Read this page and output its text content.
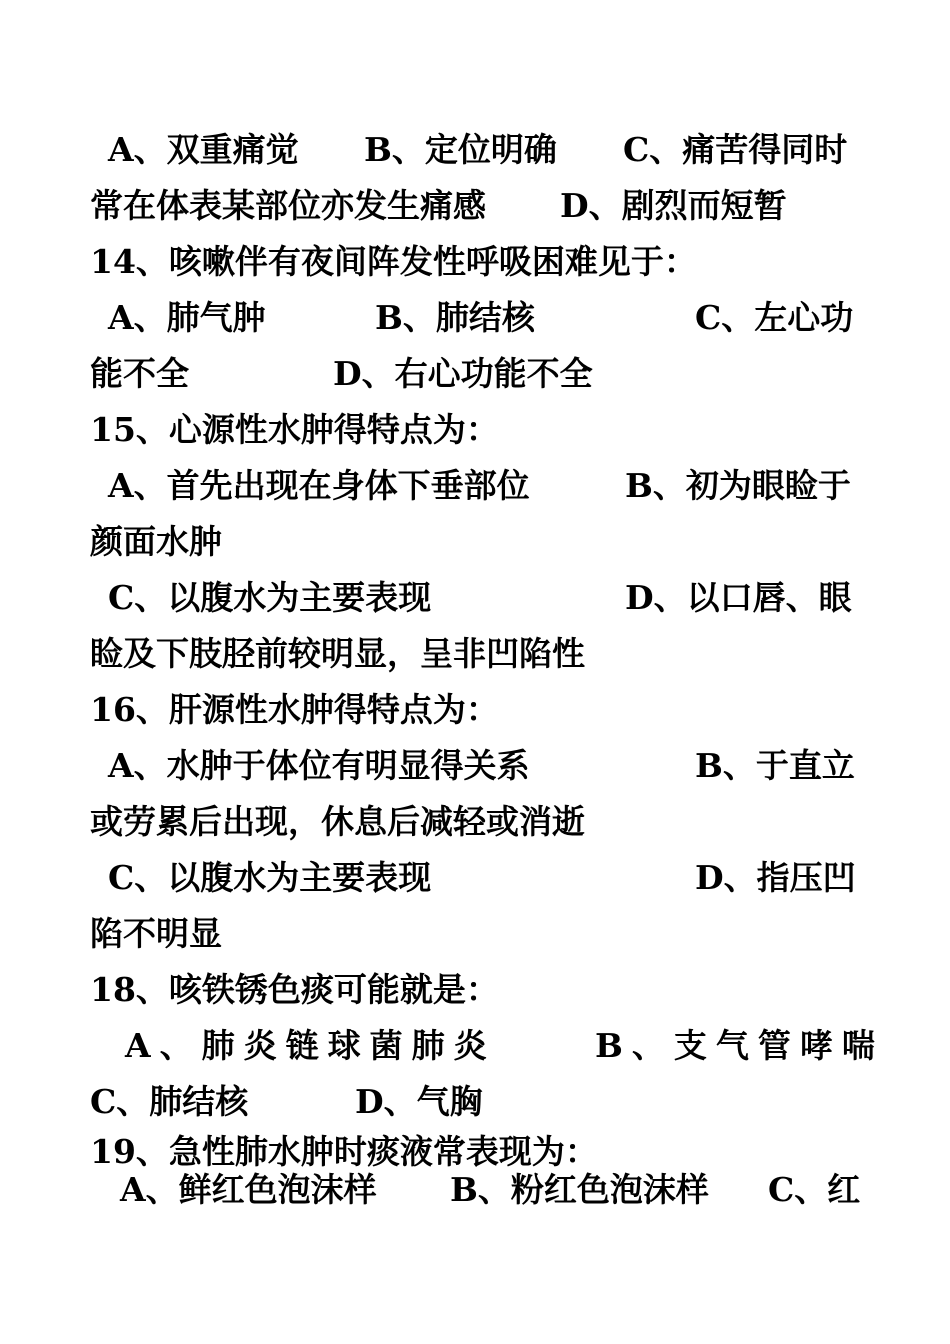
A、双重痛觉 B、定位明确 C、痛苦得同时
常在体表某部位亦发生痛感 D、剧烈而短暂
14、咳嗽伴有夜间阵发性呼吸困难见于：
A、肺气肿	B、肺结核	C、左心功
能不全	D、右心功能不全
15、心源性水肿得特点为：
A、首先出现在身体下垂部位	B、初为眼睑于
颜面水肿
C、以腹水为主要表现	D、以口唇、眼
睑及下肢胫前较明显，呈非凹陷性
16、肝源性水肿得特点为：
A、水肿于体位有明显得关系	B、于直立
或劳累后出现，休息后减轻或消逝
C、以腹水为主要表现	D、指压凹
陷不明显
18、咳铁锈色痰可能就是：
A、肺炎链球菌肺炎	B、支气管哮喘
C、肺结核	D、气胸
19、急性肺水肿时痰液常表现为：
A、鲜红色泡沫样 B、粉红色泡沫样 C、红
